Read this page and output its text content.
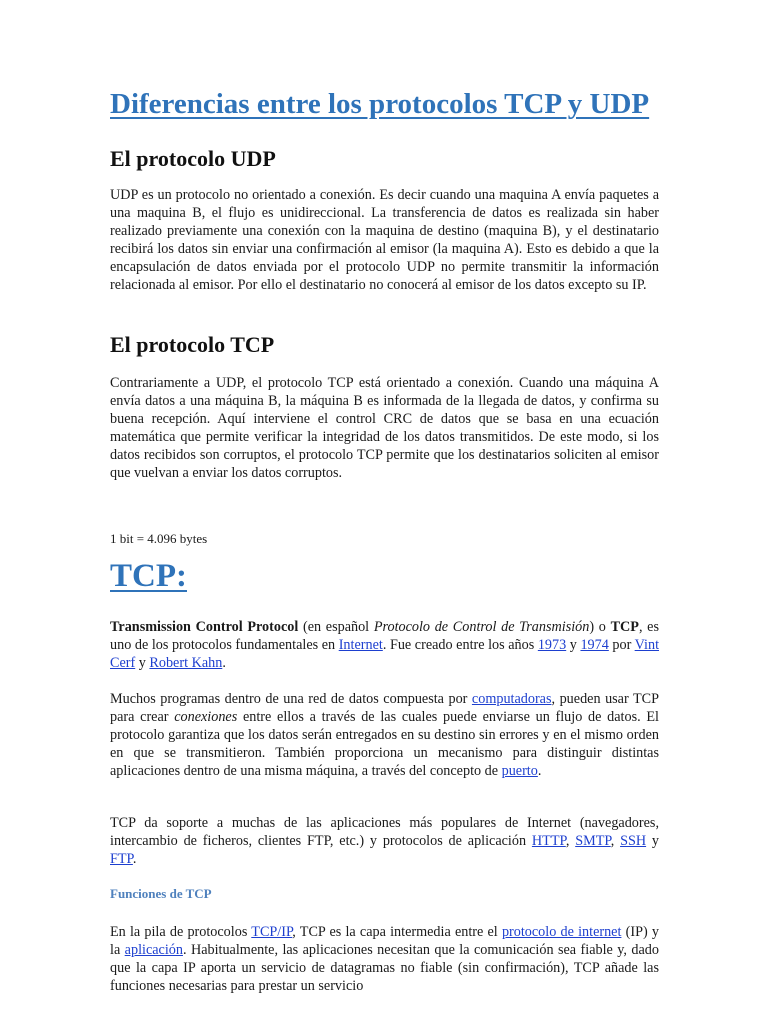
Diferencias entre los protocolos TCP y UDP
El protocolo UDP

UDP es un protocolo no orientado a conexión. Es decir cuando una maquina A envía paquetes a una maquina B, el flujo es unidireccional. La transferencia de datos es realizada sin haber realizado previamente una conexión con la maquina de destino (maquina B), y el destinatario recibirá los datos sin enviar una confirmación al emisor (la maquina A). Esto es debido a que la encapsulación de datos enviada por el protocolo UDP no permite transmitir la información relacionada al emisor. Por ello el destinatario no conocerá al emisor de los datos excepto su IP.

El protocolo TCP

Contrariamente a UDP, el protocolo TCP está orientado a conexión. Cuando una máquina A envía datos a una máquina B, la máquina B es informada de la llegada de datos, y confirma su buena recepción. Aquí interviene el control CRC de datos que se basa en una ecuación matemática que permite verificar la integridad de los datos transmitidos. De este modo, si los datos recibidos son corruptos, el protocolo TCP permite que los destinatarios soliciten al emisor que vuelvan a enviar los datos corruptos.

1 bit = 4.096 bytes

TCP:

Transmission Control Protocol (en español Protocolo de Control de Transmisión) o TCP, es uno de los protocolos fundamentales en Internet. Fue creado entre los años 1973 y 1974 por Vint Cerf y Robert Kahn.

Muchos programas dentro de una red de datos compuesta por computadoras, pueden usar TCP para crear conexiones entre ellos a través de las cuales puede enviarse un flujo de datos. El protocolo garantiza que los datos serán entregados en su destino sin errores y en el mismo orden en que se transmitieron. También proporciona un mecanismo para distinguir distintas aplicaciones dentro de una misma máquina, a través del concepto de puerto.

TCP da soporte a muchas de las aplicaciones más populares de Internet (navegadores, intercambio de ficheros, clientes FTP, etc.) y protocolos de aplicación HTTP, SMTP, SSH y FTP.

Funciones de TCP

En la pila de protocolos TCP/IP, TCP es la capa intermedia entre el protocolo de internet (IP) y la aplicación. Habitualmente, las aplicaciones necesitan que la comunicación sea fiable y, dado que la capa IP aporta un servicio de datagramas no fiable (sin confirmación), TCP añade las funciones necesarias para prestar un servicio
